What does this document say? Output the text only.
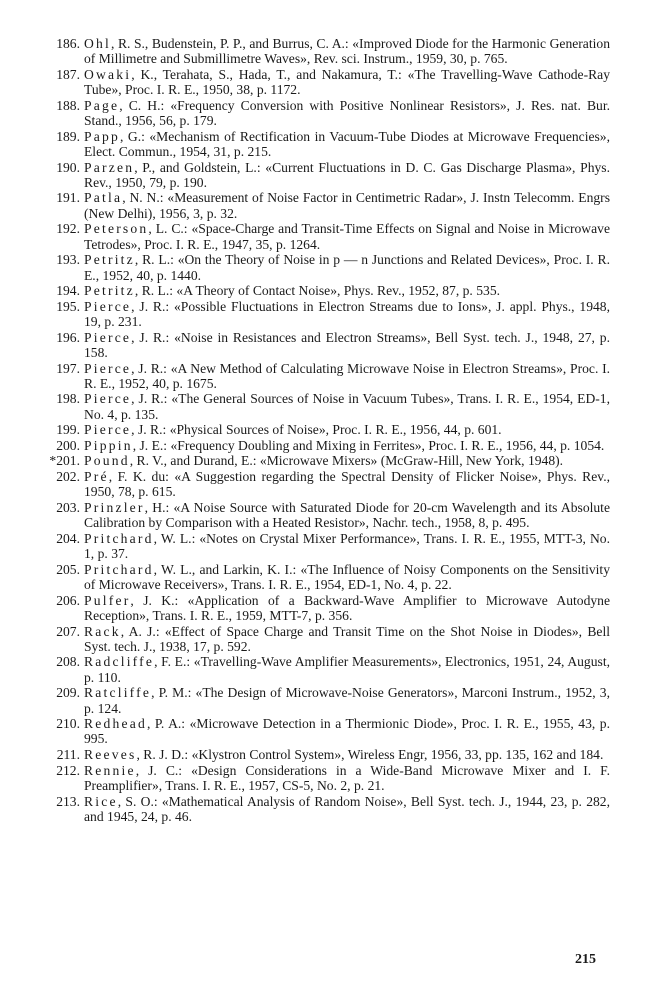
186. Ohl, R. S., Budenstein, P. P., and Burrus, C. A.: «Improved Diode for the Harmonic Generation of Millimetre and Submillimetre Waves», Rev. sci. Instrum., 1959, 30, p. 765.
187. Owaki, K., Terahata, S., Hada, T., and Nakamura, T.: «The Travelling-Wave Cathode-Ray Tube», Proc. I. R. E., 1950, 38, p. 1172.
188. Page, C. H.: «Frequency Conversion with Positive Nonlinear Resistors», J. Res. nat. Bur. Stand., 1956, 56, p. 179.
189. Papp, G.: «Mechanism of Rectification in Vacuum-Tube Diodes at Microwave Frequencies», Elect. Commun., 1954, 31, p. 215.
190. Parzen, P., and Goldstein, L.: «Current Fluctuations in D. C. Gas Discharge Plasma», Phys. Rev., 1950, 79, p. 190.
191. Patla, N. N.: «Measurement of Noise Factor in Centimetric Radar», J. Instn Telecomm. Engrs (New Delhi), 1956, 3, p. 32.
192. Peterson, L. C.: «Space-Charge and Transit-Time Effects on Signal and Noise in Microwave Tetrodes», Proc. I. R. E., 1947, 35, p. 1264.
193. Petritz, R. L.: «On the Theory of Noise in p — n Junctions and Related Devices», Proc. I. R. E., 1952, 40, p. 1440.
194. Petritz, R. L.: «A Theory of Contact Noise», Phys. Rev., 1952, 87, p. 535.
195. Pierce, J. R.: «Possible Fluctuations in Electron Streams due to Ions», J. appl. Phys., 1948, 19, p. 231.
196. Pierce, J. R.: «Noise in Resistances and Electron Streams», Bell Syst. tech. J., 1948, 27, p. 158.
197. Pierce, J. R.: «A New Method of Calculating Microwave Noise in Electron Streams», Proc. I. R. E., 1952, 40, p. 1675.
198. Pierce, J. R.: «The General Sources of Noise in Vacuum Tubes», Trans. I. R. E., 1954, ED-1, No. 4, p. 135.
199. Pierce, J. R.: «Physical Sources of Noise», Proc. I. R. E., 1956, 44, p. 601.
200. Pippin, J. E.: «Frequency Doubling and Mixing in Ferrites», Proc. I. R. E., 1956, 44, p. 1054.
*201. Pound, R. V., and Durand, E.: «Microwave Mixers» (McGraw-Hill, New York, 1948).
202. Pré, F. K. du: «A Suggestion regarding the Spectral Density of Flicker Noise», Phys. Rev., 1950, 78, p. 615.
203. Prinzler, H.: «A Noise Source with Saturated Diode for 20-cm Wavelength and its Absolute Calibration by Comparison with a Heated Resistor», Nachr. tech., 1958, 8, p. 495.
204. Pritchard, W. L.: «Notes on Crystal Mixer Performance», Trans. I. R. E., 1955, MTT-3, No. 1, p. 37.
205. Pritchard, W. L., and Larkin, K. I.: «The Influence of Noisy Components on the Sensitivity of Microwave Receivers», Trans. I. R. E., 1954, ED-1, No. 4, p. 22.
206. Pulfer, J. K.: «Application of a Backward-Wave Amplifier to Microwave Autodyne Reception», Trans. I. R. E., 1959, MTT-7, p. 356.
207. Rack, A. J.: «Effect of Space Charge and Transit Time on the Shot Noise in Diodes», Bell Syst. tech. J., 1938, 17, p. 592.
208. Radcliffe, F. E.: «Travelling-Wave Amplifier Measurements», Electronics, 1951, 24, August, p. 110.
209. Ratcliffe, P. M.: «The Design of Microwave-Noise Generators», Marconi Instrum., 1952, 3, p. 124.
210. Redhead, P. A.: «Microwave Detection in a Thermionic Diode», Proc. I. R. E., 1955, 43, p. 995.
211. Reeves, R. J. D.: «Klystron Control System», Wireless Engr, 1956, 33, pp. 135, 162 and 184.
212. Rennie, J. C.: «Design Considerations in a Wide-Band Microwave Mixer and I. F. Preamplifier», Trans. I. R. E., 1957, CS-5, No. 2, p. 21.
213. Rice, S. O.: «Mathematical Analysis of Random Noise», Bell Syst. tech. J., 1944, 23, p. 282, and 1945, 24, p. 46.
215
